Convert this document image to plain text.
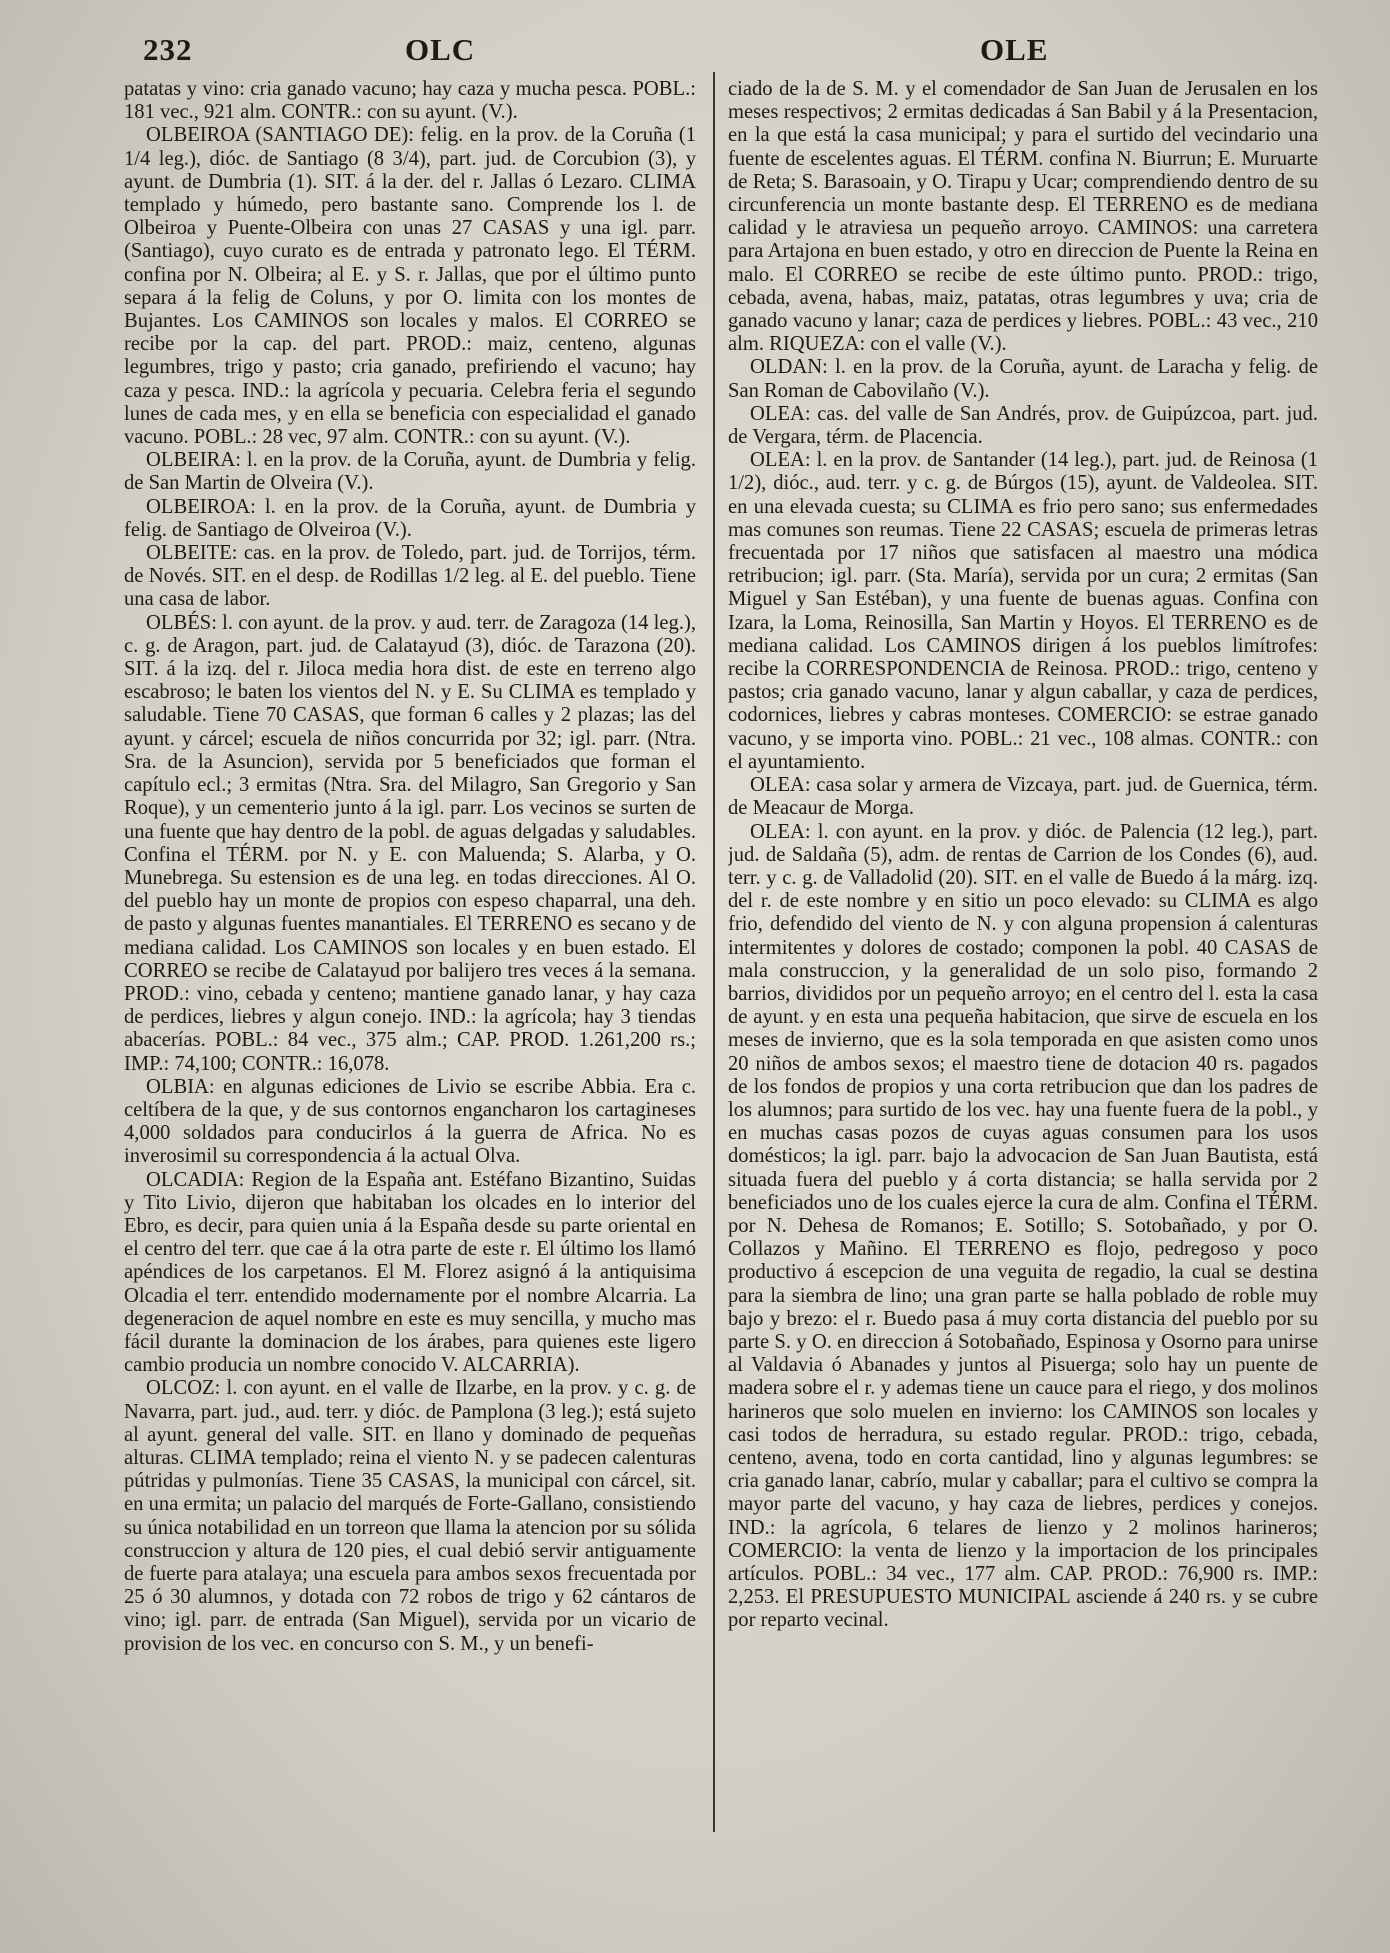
232	OLC	OLE

patatas y vino: cria ganado vacuno; hay caza y mucha pesca. POBL.: 181 vec., 921 alm. CONTR.: con su ayunt. (V.).

OLBEIROA (SANTIAGO DE): felig. en la prov. de la Coruña (1 1/4 leg.), dióc. de Santiago (8 3/4), part. jud. de Corcubion (3), y ayunt. de Dumbria (1). SIT. á la der. del r. Jallas ó Lezaro. CLIMA templado y húmedo, pero bastante sano. Comprende los l. de Olbeiroa y Puente-Olbeira con unas 27 CASAS y una igl. parr. (Santiago), cuyo curato es de entrada y patronato lego. El TÉRM. confina por N. Olbeira; al E. y S. r. Jallas, que por el último punto separa á la felig de Coluns, y por O. limita con los montes de Bujantes. Los CAMINOS son locales y malos. El CORREO se recibe por la cap. del part. PROD.: maiz, centeno, algunas legumbres, trigo y pasto; cria ganado, prefiriendo el vacuno; hay caza y pesca. IND.: la agrícola y pecuaria. Celebra feria el segundo lunes de cada mes, y en ella se beneficia con especialidad el ganado vacuno. POBL.: 28 vec, 97 alm. CONTR.: con su ayunt. (V.).

OLBEIRA: l. en la prov. de la Coruña, ayunt. de Dumbria y felig. de San Martin de Olveira (V.).

OLBEIROA: l. en la prov. de la Coruña, ayunt. de Dumbria y felig. de Santiago de Olveiroa (V.).

OLBEITE: cas. en la prov. de Toledo, part. jud. de Torrijos, térm. de Novés. SIT. en el desp. de Rodillas 1/2 leg. al E. del pueblo. Tiene una casa de labor.

OLBÉS: l. con ayunt. de la prov. y aud. terr. de Zaragoza (14 leg.), c. g. de Aragon, part. jud. de Calatayud (3), dióc. de Tarazona (20). SIT. á la izq. del r. Jiloca media hora dist. de este en terreno algo escabroso; le baten los vientos del N. y E. Su CLIMA es templado y saludable. Tiene 70 CASAS, que forman 6 calles y 2 plazas; las del ayunt. y cárcel; escuela de niños concurrida por 32; igl. parr. (Ntra. Sra. de la Asuncion), servida por 5 beneficiados que forman el capítulo ecl.; 3 ermitas (Ntra. Sra. del Milagro, San Gregorio y San Roque), y un cementerio junto á la igl. parr. Los vecinos se surten de una fuente que hay dentro de la pobl. de aguas delgadas y saludables. Confina el TÉRM. por N. y E. con Maluenda; S. Alarba, y O. Munebrega. Su estension es de una leg. en todas direcciones. Al O. del pueblo hay un monte de propios con espeso chaparral, una deh. de pasto y algunas fuentes manantiales. El TERRENO es secano y de mediana calidad. Los CAMINOS son locales y en buen estado. El CORREO se recibe de Calatayud por balijero tres veces á la semana. PROD.: vino, cebada y centeno; mantiene ganado lanar, y hay caza de perdices, liebres y algun conejo. IND.: la agrícola; hay 3 tiendas abacerías. POBL.: 84 vec., 375 alm.; CAP. PROD. 1.261,200 rs.; IMP.: 74,100; CONTR.: 16,078.

OLBIA: en algunas ediciones de Livio se escribe Abbia. Era c. celtíbera de la que, y de sus contornos engancharon los cartagineses 4,000 soldados para conducirlos á la guerra de Africa. No es inverosimil su correspondencia á la actual Olva.

OLCADIA: Region de la España ant. Estéfano Bizantino, Suidas y Tito Livio, dijeron que habitaban los olcades en lo interior del Ebro, es decir, para quien unia á la España desde su parte oriental en el centro del terr. que cae á la otra parte de este r. El último los llamó apéndices de los carpetanos. El M. Florez asignó á la antiquisima Olcadia el terr. entendido modernamente por el nombre Alcarria. La degeneracion de aquel nombre en este es muy sencilla, y mucho mas fácil durante la dominacion de los árabes, para quienes este ligero cambio producia un nombre conocido V. ALCARRIA).

OLCOZ: l. con ayunt. en el valle de Ilzarbe, en la prov. y c. g. de Navarra, part. jud., aud. terr. y dióc. de Pamplona (3 leg.); está sujeto al ayunt. general del valle. SIT. en llano y dominado de pequeñas alturas. CLIMA templado; reina el viento N. y se padecen calenturas pútridas y pulmonías. Tiene 35 CASAS, la municipal con cárcel, sit. en una ermita; un palacio del marqués de Forte-Gallano, consistiendo su única notabilidad en un torreon que llama la atencion por su sólida construccion y altura de 120 pies, el cual debió servir antiguamente de fuerte para atalaya; una escuela para ambos sexos frecuentada por 25 ó 30 alumnos, y dotada con 72 robos de trigo y 62 cántaros de vino; igl. parr. de entrada (San Miguel), servida por un vicario de provision de los vec. en concurso con S. M., y un benefi-

ciado de la de S. M. y el comendador de San Juan de Jerusalen en los meses respectivos; 2 ermitas dedicadas á San Babil y á la Presentacion, en la que está la casa municipal; y para el surtido del vecindario una fuente de escelentes aguas. El TÉRM. confina N. Biurrun; E. Muruarte de Reta; S. Barasoain, y O. Tirapu y Ucar; comprendiendo dentro de su circunferencia un monte bastante desp. El TERRENO es de mediana calidad y le atraviesa un pequeño arroyo. CAMINOS: una carretera para Artajona en buen estado, y otro en direccion de Puente la Reina en malo. El CORREO se recibe de este último punto. PROD.: trigo, cebada, avena, habas, maiz, patatas, otras legumbres y uva; cria de ganado vacuno y lanar; caza de perdices y liebres. POBL.: 43 vec., 210 alm. RIQUEZA: con el valle (V.).

OLDAN: l. en la prov. de la Coruña, ayunt. de Laracha y felig. de San Roman de Cabovilaño (V.).

OLEA: cas. del valle de San Andrés, prov. de Guipúzcoa, part. jud. de Vergara, térm. de Placencia.

OLEA: l. en la prov. de Santander (14 leg.), part. jud. de Reinosa (1 1/2), dióc., aud. terr. y c. g. de Búrgos (15), ayunt. de Valdeolea. SIT. en una elevada cuesta; su CLIMA es frio pero sano; sus enfermedades mas comunes son reumas. Tiene 22 CASAS; escuela de primeras letras frecuentada por 17 niños que satisfacen al maestro una módica retribucion; igl. parr. (Sta. María), servida por un cura; 2 ermitas (San Miguel y San Estéban), y una fuente de buenas aguas. Confina con Izara, la Loma, Reinosilla, San Martin y Hoyos. El TERRENO es de mediana calidad. Los CAMINOS dirigen á los pueblos limítrofes: recibe la CORRESPONDENCIA de Reinosa. PROD.: trigo, centeno y pastos; cria ganado vacuno, lanar y algun caballar, y caza de perdices, codornices, liebres y cabras monteses. COMERCIO: se estrae ganado vacuno, y se importa vino. POBL.: 21 vec., 108 almas. CONTR.: con el ayuntamiento.

OLEA: casa solar y armera de Vizcaya, part. jud. de Guernica, térm. de Meacaur de Morga.

OLEA: l. con ayunt. en la prov. y dióc. de Palencia (12 leg.), part. jud. de Saldaña (5), adm. de rentas de Carrion de los Condes (6), aud. terr. y c. g. de Valladolid (20). SIT. en el valle de Buedo á la márg. izq. del r. de este nombre y en sitio un poco elevado: su CLIMA es algo frio, defendido del viento de N. y con alguna propension á calenturas intermitentes y dolores de costado; componen la pobl. 40 CASAS de mala construccion, y la generalidad de un solo piso, formando 2 barrios, divididos por un pequeño arroyo; en el centro del l. esta la casa de ayunt. y en esta una pequeña habitacion, que sirve de escuela en los meses de invierno, que es la sola temporada en que asisten como unos 20 niños de ambos sexos; el maestro tiene de dotacion 40 rs. pagados de los fondos de propios y una corta retribucion que dan los padres de los alumnos; para surtido de los vec. hay una fuente fuera de la pobl., y en muchas casas pozos de cuyas aguas consumen para los usos domésticos; la igl. parr. bajo la advocacion de San Juan Bautista, está situada fuera del pueblo y á corta distancia; se halla servida por 2 beneficiados uno de los cuales ejerce la cura de alm. Confina el TÉRM. por N. Dehesa de Romanos; E. Sotillo; S. Sotobañado, y por O. Collazos y Mañino. El TERRENO es flojo, pedregoso y poco productivo á escepcion de una veguita de regadio, la cual se destina para la siembra de lino; una gran parte se halla poblado de roble muy bajo y brezo: el r. Buedo pasa á muy corta distancia del pueblo por su parte S. y O. en direccion á Sotobañado, Espinosa y Osorno para unirse al Valdavia ó Abanades y juntos al Pisuerga; solo hay un puente de madera sobre el r. y ademas tiene un cauce para el riego, y dos molinos harineros que solo muelen en invierno: los CAMINOS son locales y casi todos de herradura, su estado regular. PROD.: trigo, cebada, centeno, avena, todo en corta cantidad, lino y algunas legumbres: se cria ganado lanar, cabrío, mular y caballar; para el cultivo se compra la mayor parte del vacuno, y hay caza de liebres, perdices y conejos. IND.: la agrícola, 6 telares de lienzo y 2 molinos harineros; COMERCIO: la venta de lienzo y la importacion de los principales artículos. POBL.: 34 vec., 177 alm. CAP. PROD.: 76,900 rs. IMP.: 2,253. El PRESUPUESTO MUNICIPAL asciende á 240 rs. y se cubre por reparto vecinal.
